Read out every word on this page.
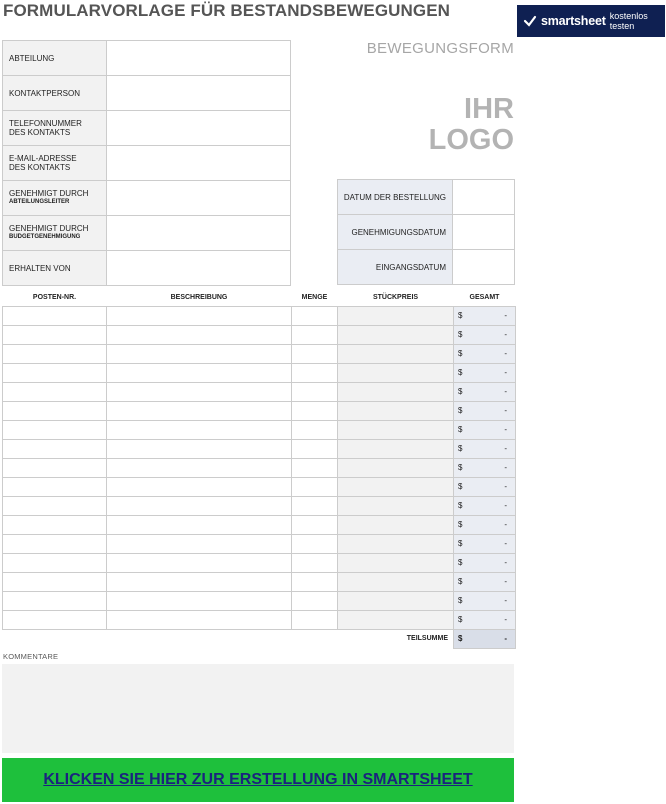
FORMULARVORLAGE FÜR BESTANDSBEWEGUNGEN
smartsheet kostenlos testen
BEWEGUNGSFORM
IHR
LOGO
ABTEILUNG	
KONTAKTPERSON	
TELEFONNUMMER DES KONTAKTS	
E-MAIL-ADRESSE
DES KONTAKTS	
GENEHMIGT DURCH
ABTEILUNGSLEITER	

GENEHMIGT DURCH
BUDGETGENEHMIGUNG	

ERHALTEN VON	
DATUM DER BESTELLUNG	
GENEHMIGUNGSDATUM	
EINGANGSDATUM	
POSTEN-NR.	BESCHREIBUNG	MENGE	STÜCKPREIS	GESAMT

				$ -

				$ -

				$ -

				$ -

				$ -

				$ -

				$ -

				$ -

				$ -

				$ -

				$ -

				$ -

				$ -

				$ -

				$ -

				$ -

				$ -

TEILSUMME				$ -
KOMMENTARE
KLICKEN SIE HIER ZUR ERSTELLUNG IN SMARTSHEET
